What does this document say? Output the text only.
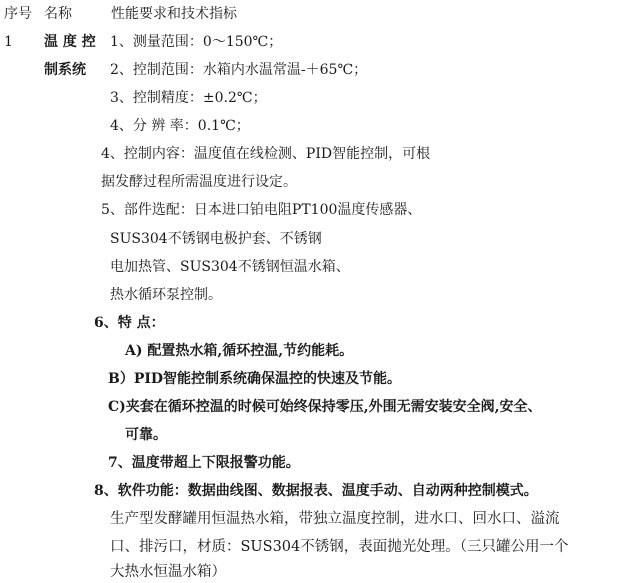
序号 名称	性能要求和技术指标
1 温 度 控
制系统
1、测量范围：0～150℃；
2、控制范围：水箱内水温常温-＋65℃；
3、控制精度：±0.2℃；
4、分 辨 率：0.1℃；
4、控制内容：温度值在线检测、PID智能控制，可根
据发酵过程所需温度进行设定。
5、部件选配：日本进口铂电阻PT100温度传感器、
SUS304不锈钢电极护套、不锈钢
电加热管、SUS304不锈钢恒温水箱、
热水循环泵控制。
6、特 点：
A) 配置热水箱,循环控温,节约能耗。
B）PID智能控制系统确保温控的快速及节能。
C)夹套在循环控温的时候可始终保持零压,外围无需安装安全阀,安全、
可靠。
7、温度带超上下限报警功能。
8、软件功能：数据曲线图、数据报表、温度手动、自动两种控制模式。
生产型发酵罐用恒温热水箱，带独立温度控制，进水口、回水口、溢流
口、排污口，材质：SUS304不锈钢，表面抛光处理。（三只罐公用一个
大热水恒温水箱）
